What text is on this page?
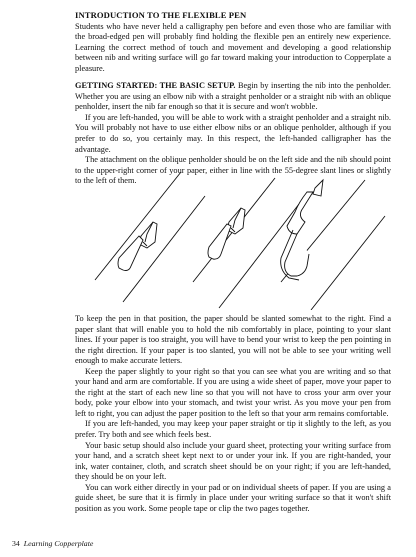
INTRODUCTION TO THE FLEXIBLE PEN

Students who have never held a calligraphy pen before and even those who are familiar with the broad-edged pen will probably find holding the flexible pen an entirely new experience. Learning the correct method of touch and movement and developing a good relationship between nib and writing surface will go far toward making your introduction to Copperplate a pleasure.

GETTING STARTED: THE BASIC SETUP. Begin by inserting the nib into the penholder. Whether you are using an elbow nib with a straight penholder or a straight nib with an oblique penholder, insert the nib far enough so that it is secure and won't wobble.

If you are left-handed, you will be able to work with a straight penholder and a straight nib. You will probably not have to use either elbow nibs or an oblique penholder, although if you prefer to do so, you certainly may. In this respect, the left-handed calligrapher has the advantage.

The attachment on the oblique penholder should be on the left side and the nib should point to the upper-right corner of your paper, either in line with the 55-degree slant lines or slightly to the left of them.

To keep the pen in that position, the paper should be slanted somewhat to the right. Find a paper slant that will enable you to hold the nib comfortably in place, pointing to your slant lines. If your paper is too straight, you will have to bend your wrist to keep the pen pointing in the right direction. If your paper is too slanted, you will not be able to see your writing well enough to make accurate letters.

Keep the paper slightly to your right so that you can see what you are writing and so that your hand and arm are comfortable. If you are using a wide sheet of paper, move your paper to the right at the start of each new line so that you will not have to cross your arm over your body, poke your elbow into your stomach, and twist your wrist. As you move your pen from left to right, you can adjust the paper position to the left so that your arm remains comfortable.

If you are left-handed, you may keep your paper straight or tip it slightly to the left, as you prefer. Try both and see which feels best.

Your basic setup should also include your guard sheet, protecting your writing surface from your hand, and a scratch sheet kept next to or under your ink. If you are right-handed, your ink, water container, cloth, and scratch sheet should be on your right; if you are left-handed, they should be on your left.

You can work either directly in your pad or on individual sheets of paper. If you are using a guide sheet, be sure that it is firmly in place under your writing surface so that it won't shift position as you work. Some people tape or clip the two pages together.

34 Learning Copperplate
